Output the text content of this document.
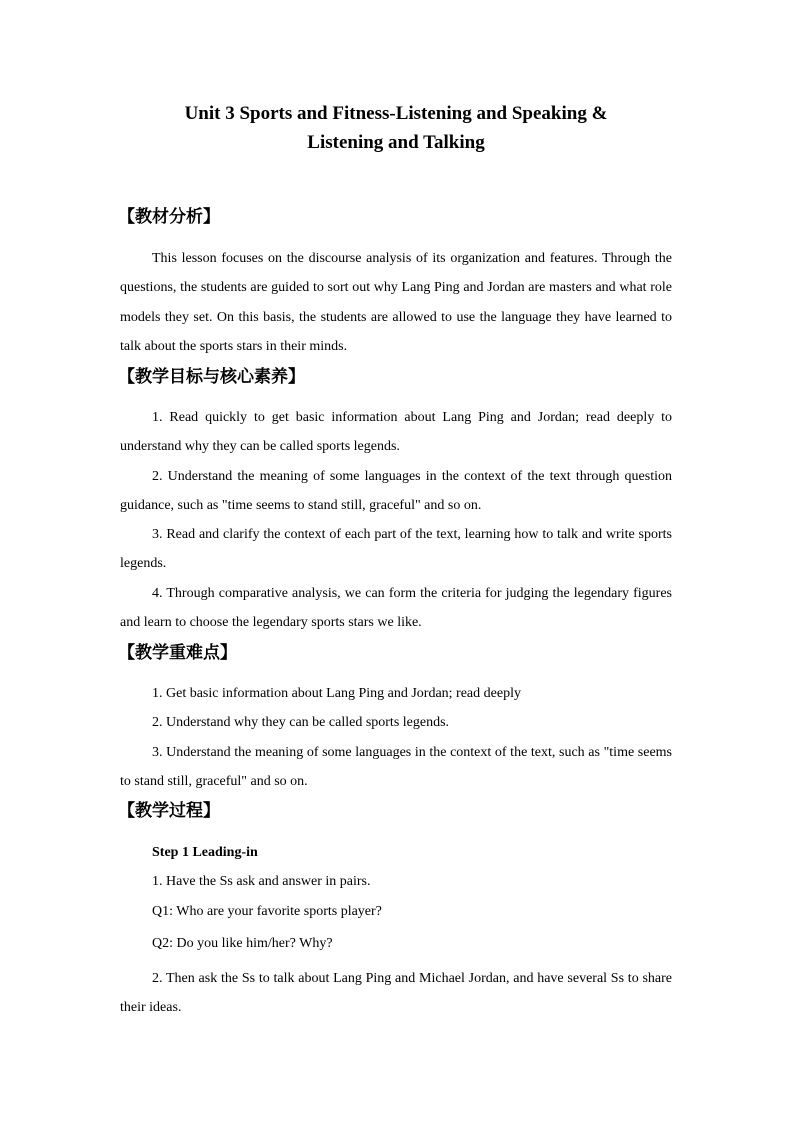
Unit 3 Sports and Fitness-Listening and Speaking &
Listening and Talking
【教材分析】
This lesson focuses on the discourse analysis of its organization and features. Through the questions, the students are guided to sort out why Lang Ping and Jordan are masters and what role models they set. On this basis, the students are allowed to use the language they have learned to talk about the sports stars in their minds.
【教学目标与核心素养】
1. Read quickly to get basic information about Lang Ping and Jordan; read deeply to understand why they can be called sports legends.
2. Understand the meaning of some languages in the context of the text through question guidance, such as "time seems to stand still, graceful" and so on.
3. Read and clarify the context of each part of the text, learning how to talk and write sports legends.
4. Through comparative analysis, we can form the criteria for judging the legendary figures and learn to choose the legendary sports stars we like.
【教学重难点】
1. Get basic information about Lang Ping and Jordan; read deeply
2. Understand why they can be called sports legends.
3. Understand the meaning of some languages in the context of the text, such as "time seems to stand still, graceful" and so on.
【教学过程】
Step 1 Leading-in
1. Have the Ss ask and answer in pairs.
Q1: Who are your favorite sports player?
Q2: Do you like him/her? Why?
2. Then ask the Ss to talk about Lang Ping and Michael Jordan, and have several Ss to share their ideas.
